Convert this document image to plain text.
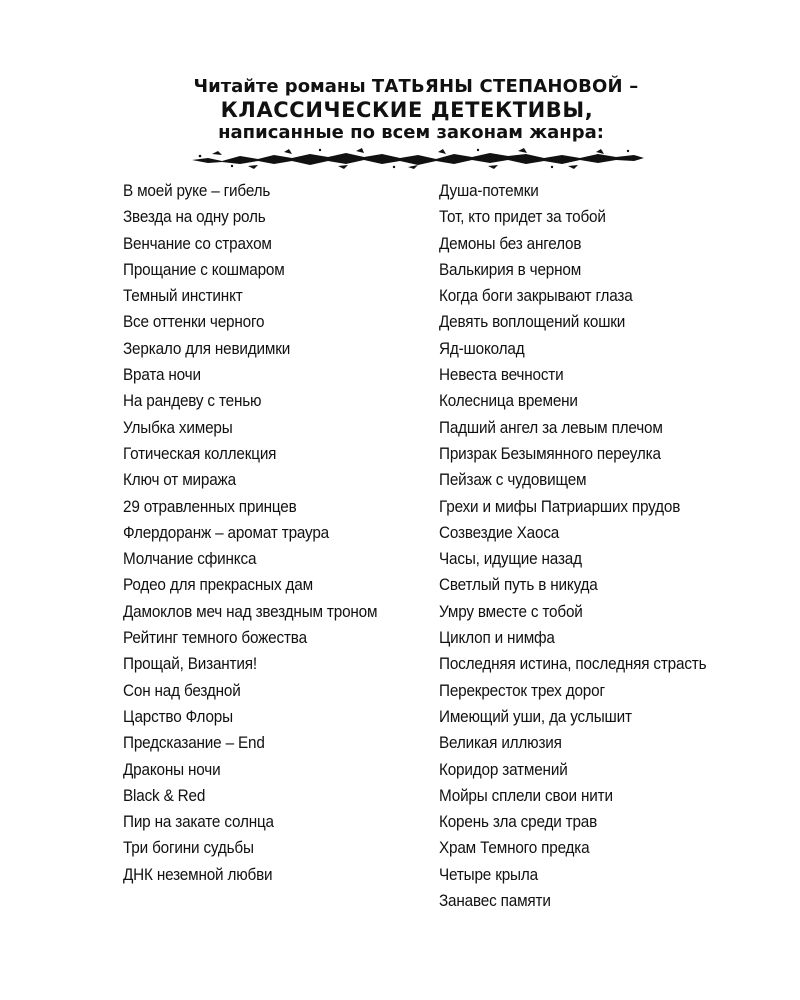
Читайте романы ТАТЬЯНЫ СТЕПАНОВОЙ –
КЛАССИЧЕСКИЕ ДЕТЕКТИВЫ,
написанные по всем законам жанра:
В моей руке – гибель
Звезда на одну роль
Венчание со страхом
Прощание с кошмаром
Темный инстинкт
Все оттенки черного
Зеркало для невидимки
Врата ночи
На рандеву с тенью
Улыбка химеры
Готическая коллекция
Ключ от миража
29 отравленных принцев
Флердоранж – аромат траура
Молчание сфинкса
Родео для прекрасных дам
Дамоклов меч над звездным троном
Рейтинг темного божества
Прощай, Византия!
Сон над бездной
Царство Флоры
Предсказание – End
Драконы ночи
Black & Red
Пир на закате солнца
Три богини судьбы
ДНК неземной любви
Душа-потемки
Тот, кто придет за тобой
Демоны без ангелов
Валькирия в черном
Когда боги закрывают глаза
Девять воплощений кошки
Яд-шоколад
Невеста вечности
Колесница времени
Падший ангел за левым плечом
Призрак Безымянного переулка
Пейзаж с чудовищем
Грехи и мифы Патриарших прудов
Созвездие Хаоса
Часы, идущие назад
Светлый путь в никуда
Умру вместе с тобой
Циклоп и нимфа
Последняя истина, последняя страсть
Перекресток трех дорог
Имеющий уши, да услышит
Великая иллюзия
Коридор затмений
Мойры сплели свои нити
Корень зла среди трав
Храм Темного предка
Четыре крыла
Занавес памяти
